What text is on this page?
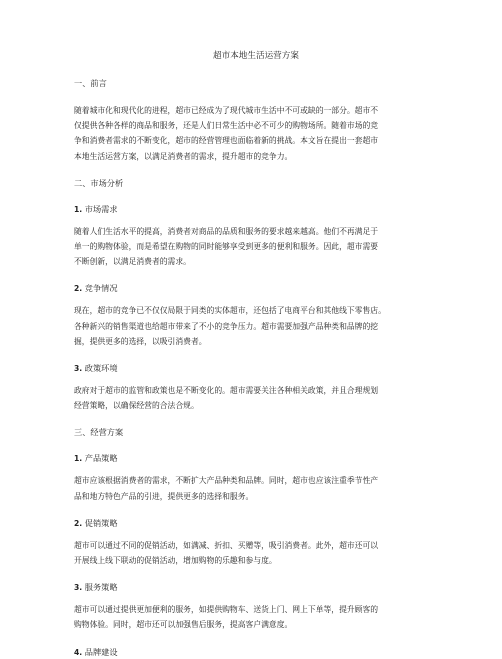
超市本地生活运营方案
一、前言
随着城市化和现代化的进程，超市已经成为了现代城市生活中不可或缺的一部分。超市不
仅提供各种各样的商品和服务，还是人们日常生活中必不可少的购物场所。随着市场的竞
争和消费者需求的不断变化，超市的经营管理也面临着新的挑战。本文旨在提出一套超市
本地生活运营方案，以满足消费者的需求，提升超市的竞争力。
二、市场分析
1. 市场需求
随着人们生活水平的提高，消费者对商品的品质和服务的要求越来越高。他们不再满足于
单一的购物体验，而是希望在购物的同时能够享受到更多的便利和服务。因此，超市需要
不断创新，以满足消费者的需求。
2. 竞争情况
现在，超市的竞争已不仅仅局限于同类的实体超市，还包括了电商平台和其他线下零售店。
各种新兴的销售渠道也给超市带来了不小的竞争压力。超市需要加强产品种类和品牌的挖
掘，提供更多的选择，以吸引消费者。
3. 政策环境
政府对于超市的监管和政策也是不断变化的。超市需要关注各种相关政策，并且合理规划
经营策略，以确保经营的合法合规。
三、经营方案
1. 产品策略
超市应该根据消费者的需求，不断扩大产品种类和品牌。同时，超市也应该注重季节性产
品和地方特色产品的引进，提供更多的选择和服务。
2. 促销策略
超市可以通过不同的促销活动，如满减、折扣、买赠等，吸引消费者。此外，超市还可以
开展线上线下联动的促销活动，增加购物的乐趣和参与度。
3. 服务策略
超市可以通过提供更加便利的服务，如提供购物车、送货上门、网上下单等，提升顾客的
购物体验。同时，超市还可以加强售后服务，提高客户满意度。
4. 品牌建设
